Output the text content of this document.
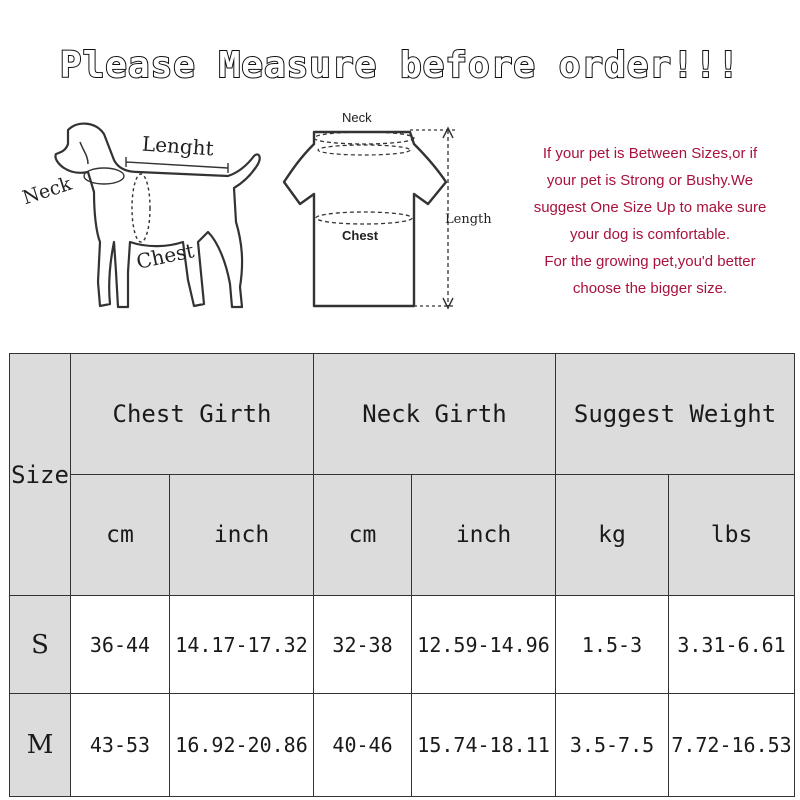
Please Measure before order!!!
Neck
Lenght
Chest
Neck
Chest
Length
If your pet is Between Sizes,or if
your pet is Strong or Bushy.We
suggest One Size Up to make sure
your dog is comfortable.
For the growing pet,you'd better
choose the bigger size.
Size	Chest Girth		Neck Girth		Suggest Weight	
	cm	inch	cm	inch	kg	lbs
S	36-44	14.17-17.32	32-38	12.59-14.96	1.5-3	3.31-6.61
M	43-53	16.92-20.86	40-46	15.74-18.11	3.5-7.5	7.72-16.53
